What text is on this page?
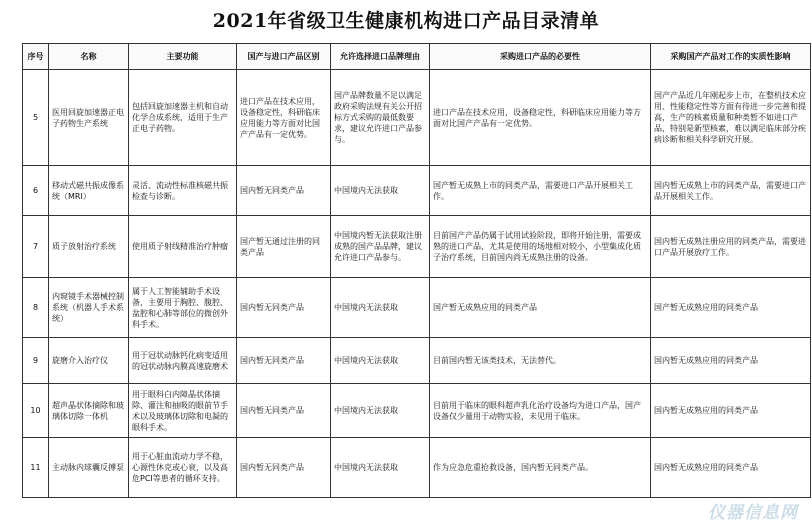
2021年省级卫生健康机构进口产品目录清单
序号	名称	主要功能	国产与进口产品区别	允许选择进口品牌理由	采购进口产品的必要性	采购国产产品对工作的实质性影响
5	医用回旋加速器正电子药物生产系统	包括回旋加速器主机和自动化学合成系统，适用于生产正电子药物。	进口产品在技术应用，设备稳定性，科研临床应用能力等方面对比国产产品有一定优势。	国产品牌数量不足以满足政府采购法规有关公开招标方式采购的最低数要求，建议允许进口产品参与。	进口产品在技术应用，设备稳定性，科研临床应用能力等方面对比国产产品有一定优势。	国产产品近几年刚起步上市，在整机技术应用、性能稳定性等方面有待进一步完善和提高，生产的核素质量和种类暂不如进口产品，特别是新型核素，难以满足临床部分疾病诊断和相关科学研究开展。
6	移动式磁共振成像系统（MRI）	灵活、流动性标准核磁共振检查与诊断。	国内暂无同类产品	中国境内无法获取	国产暂无成熟上市的同类产品，需要进口产品开展相关工作。	国内暂无成熟上市的同类产品，需要进口产品开展相关工作。
7	质子放射治疗系统	使用质子射线精准治疗肿瘤	国产暂无通过注册的同类产品	中国境内暂无法获取注册成熟的国产品品牌，建议允许进口产品参与。	目前国产产品仍属于试用试验阶段，即将开始注册，需要成熟的进口产品，尤其是使用的场地相对较小，小型集成化质子治疗系统，目前国内尚无成熟注册的设备。	国内暂无成熟注册应用的同类产品，需要进口产品开展放疗工作。
8	内窥镜手术器械控制系统（机器人手术系统）	属于人工智能辅助手术设备，主要用于胸腔、腹腔、盆腔和心肺等部位的微创外科手术。	国内暂无同类产品	中国境内无法获取	国产暂无成熟应用的同类产品	国产暂无成熟应用的同类产品
9	旋磨介入治疗仪	用于冠状动脉钙化病变适用的冠状动脉内膜高速旋磨术	国内暂无同类产品	中国境内无法获取	目前国内暂无该类技术，无法替代。	国内暂无成熟应用的同类产品
10	超声晶状体摘除和玻璃体切除一体机	用于眼科白内障晶状体摘除、灌注和抽吸的眼前节手术以及玻璃体切除和电凝的眼科手术。	国内暂无同类产品	中国境内无法获取	目前用于临床的眼科超声乳化治疗设备均为进口产品，国产设备仅少量用于动物实验，未见用于临床。	国内暂无成熟应用的同类产品
11	主动脉内球囊反搏泵	用于心脏血流动力学不稳，心源性休克或心衰，以及高危PCI等患者的循环支持。	国内暂无同类产品	中国境内无法获取	作为应急危重抢救设备，国内暂无同类产品。	国内暂无成熟应用的同类产品
仪器信息网
